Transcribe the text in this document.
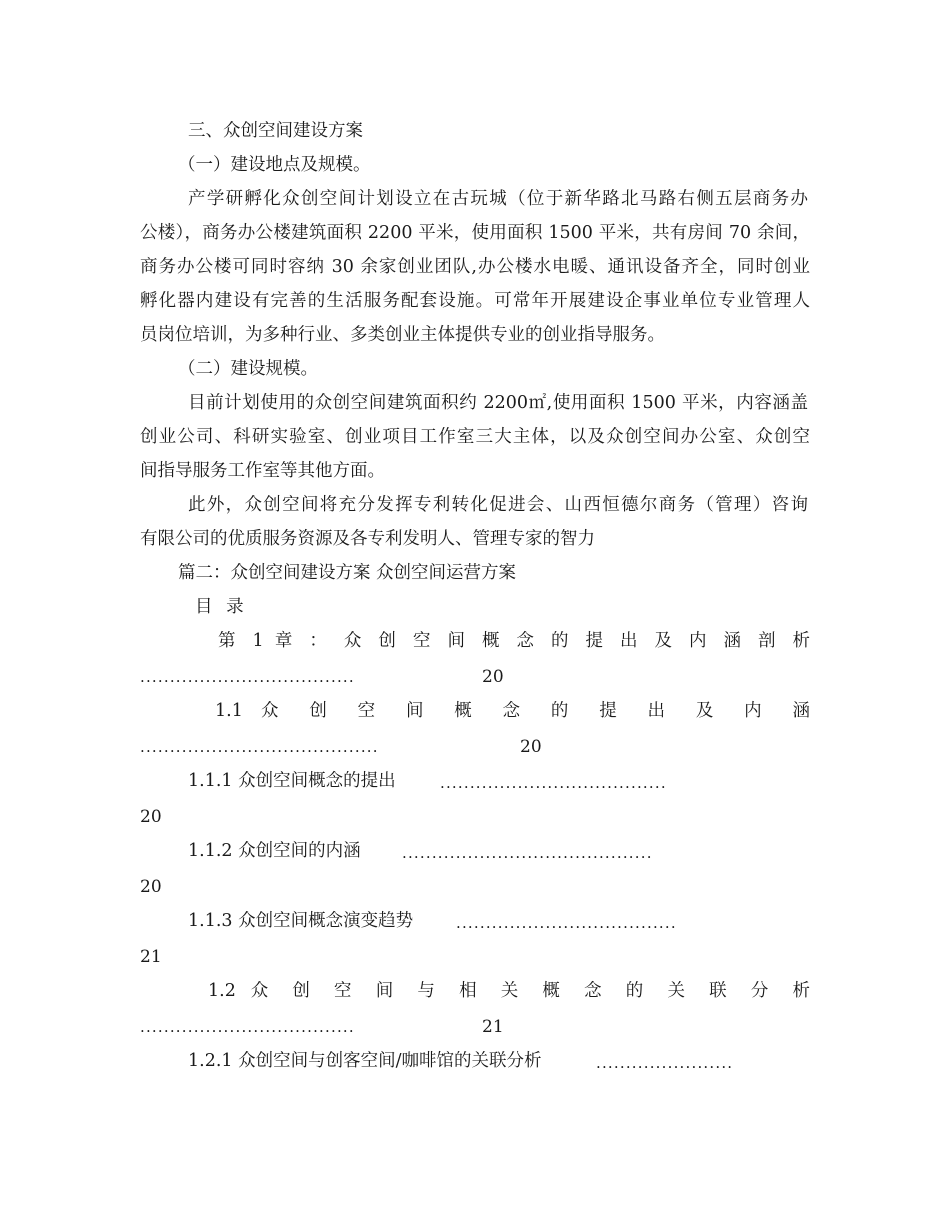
三、众创空间建设方案

（一）建设地点及规模。

产学研孵化众创空间计划设立在古玩城（位于新华路北马路右侧五层商务办

公楼），商务办公楼建筑面积 2200 平米，使用面积 1500 平米，共有房间 70 余间，

商务办公楼可同时容纳 30 余家创业团队,办公楼水电暖、通讯设备齐全，同时创业

孵化器内建设有完善的生活服务配套设施。可常年开展建设企事业单位专业管理人

员岗位培训，为多种行业、多类创业主体提供专业的创业指导服务。

（二）建设规模。

目前计划使用的众创空间建筑面积约 2200㎡,使用面积 1500 平米，内容涵盖

创业公司、科研实验室、创业项目工作室三大主体，以及众创空间办公室、众创空

间指导服务工作室等其他方面。

此外，众创空间将充分发挥专利转化促进会、山西恒德尔商务（管理）咨询

有限公司的优质服务资源及各专利发明人、管理专家的智力

篇二：众创空间建设方案 众创空间运营方案

目 录

第 1 章 ： 众 创 空 间 概 念 的 提 出 及 内 涵 剖 析

....................................	20

1.1 众 创 空 间 概 念 的 提 出 及 内 涵

........................................	20

1.1.1 众创空间概念的提出	......................................

20

1.1.2 众创空间的内涵	..........................................

20

1.1.3 众创空间概念演变趋势	.....................................

21

1.2 众 创 空 间 与 相 关 概 念 的 关 联 分 析

....................................	21

1.2.1 众创空间与创客空间/咖啡馆的关联分析	.......................
